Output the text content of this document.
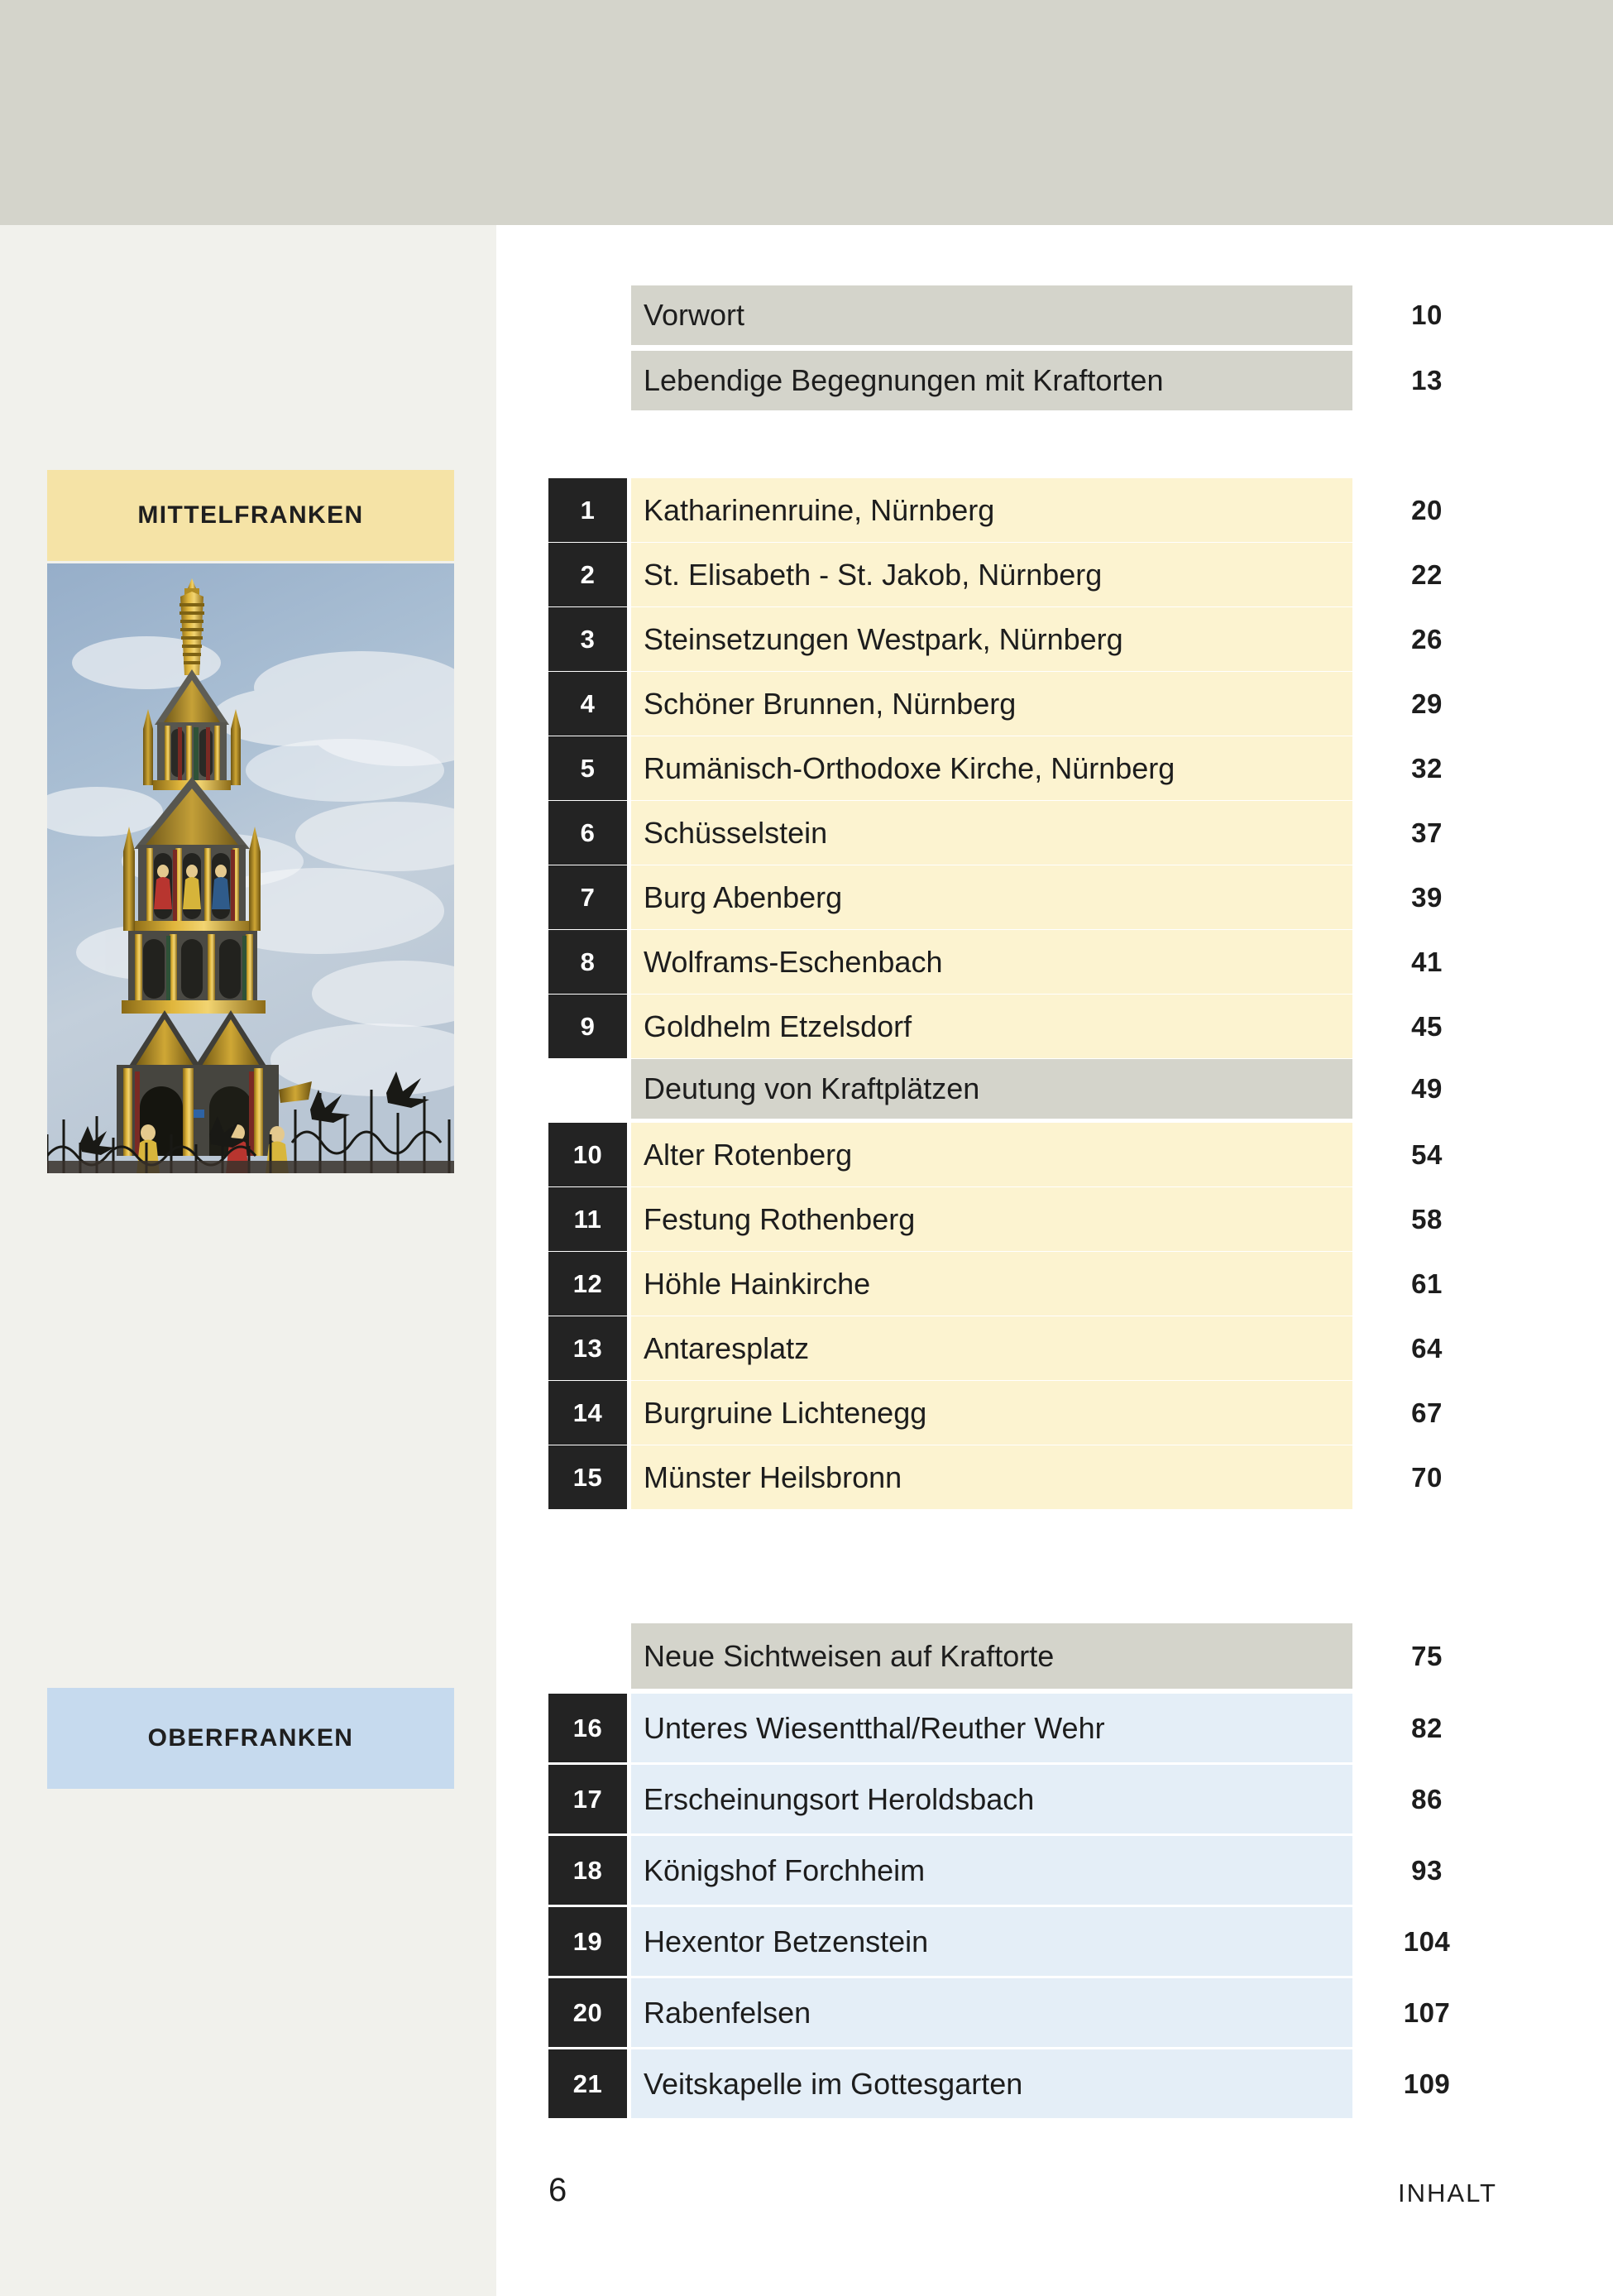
MITTELFRANKEN
OBERFRANKEN
Vorwort	10
Lebendige Begegnungen mit Kraftorten	13
1	Katharinenruine, Nürnberg	20
2	St. Elisabeth - St. Jakob, Nürnberg	22
3	Steinsetzungen Westpark, Nürnberg	26
4	Schöner Brunnen, Nürnberg	29
5	Rumänisch-Orthodoxe Kirche, Nürnberg	32
6	Schüsselstein	37
7	Burg Abenberg	39
8	Wolframs-Eschenbach	41
9	Goldhelm Etzelsdorf	45
Deutung von Kraftplätzen	49
10	Alter Rotenberg	54
11	Festung Rothenberg	58
12	Höhle Hainkirche	61
13	Antaresplatz	64
14	Burgruine Lichtenegg	67
15	Münster Heilsbronn	70
Neue Sichtweisen auf Kraftorte	75
16	Unteres Wiesentthal/Reuther Wehr	82
17	Erscheinungsort Heroldsbach	86
18	Königshof Forchheim	93
19	Hexentor Betzenstein	104
20	Rabenfelsen	107
21	Veitskapelle im Gottesgarten	109
6	INHALT
